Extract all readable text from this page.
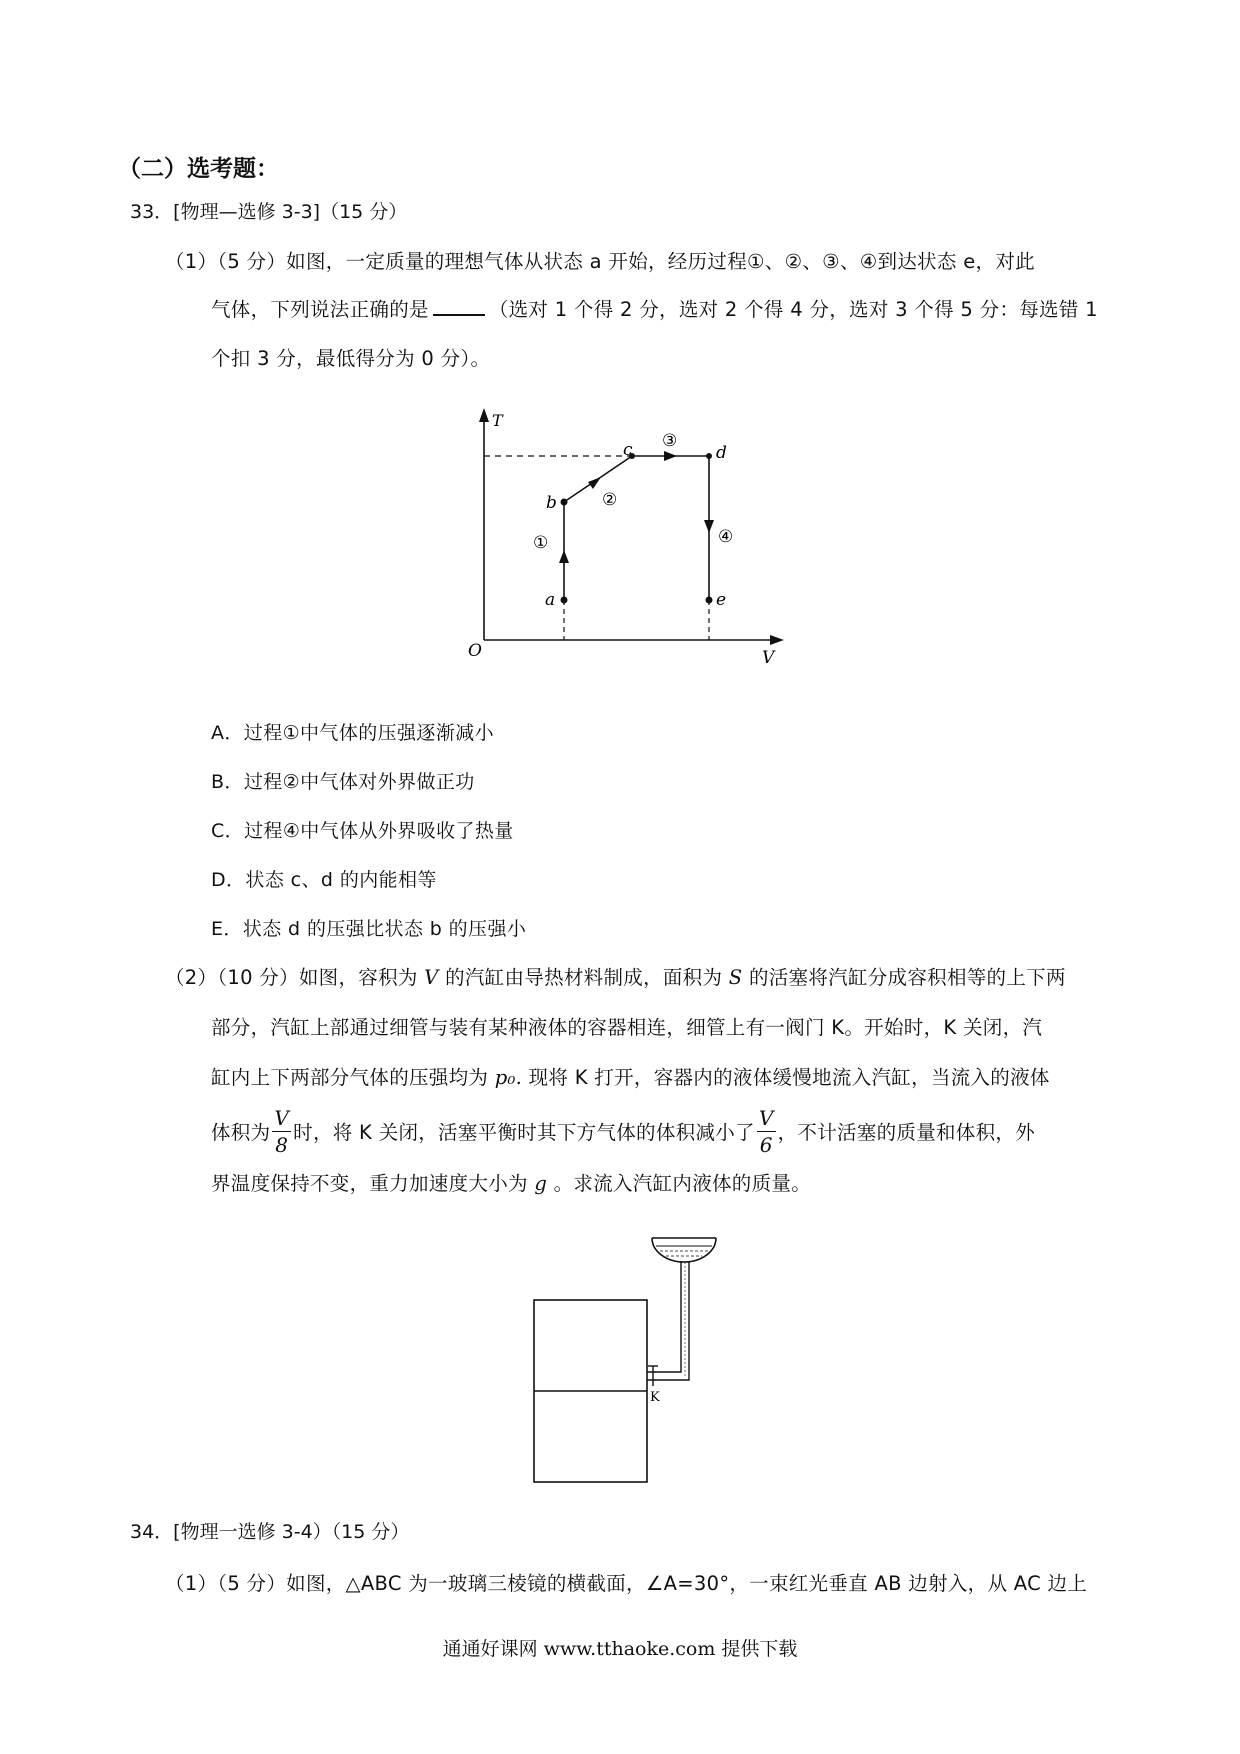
（二）选考题：
33．[物理—选修 3-3]（15 分）
（1）（5 分）如图，一定质量的理想气体从状态 a 开始，经历过程①、②、③、④到达状态 e，对此
气体，下列说法正确的是	（选对 1 个得 2 分，选对 2 个得 4 分，选对 3 个得 5 分：每选错 1
个扣 3 分，最低得分为 0 分）。
T
V
O
a
b
c	d
e
①
②
③
④
A．过程①中气体的压强逐渐减小
B．过程②中气体对外界做正功
C．过程④中气体从外界吸收了热量
D．状态 c、d 的内能相等
E．状态 d 的压强比状态 b 的压强小
（2）（10 分）如图，容积为 V 的汽缸由导热材料制成，面积为 S 的活塞将汽缸分成容积相等的上下两
部分，汽缸上部通过细管与装有某种液体的容器相连，细管上有一阀门 K。开始时，K 关闭，汽
缸内上下两部分气体的压强均为 p₀. 现将 K 打开，容器内的液体缓慢地流入汽缸，当流入的液体
体积为 $\frac{V}{8}$ 时，将 K 关闭，活塞平衡时其下方气体的体积减小了 $\frac{V}{6}$ ，不计活塞的质量和体积，外
界温度保持不变，重力加速度大小为 g 。求流入汽缸内液体的质量。
K
34．[物理一选修 3-4）（15 分）
（1）（5 分）如图，△ABC 为一玻璃三棱镜的横截面，∠A=30°，一束红光垂直 AB 边射入，从 AC 边上
通通好课网 www.tthaoke.com 提供下载
